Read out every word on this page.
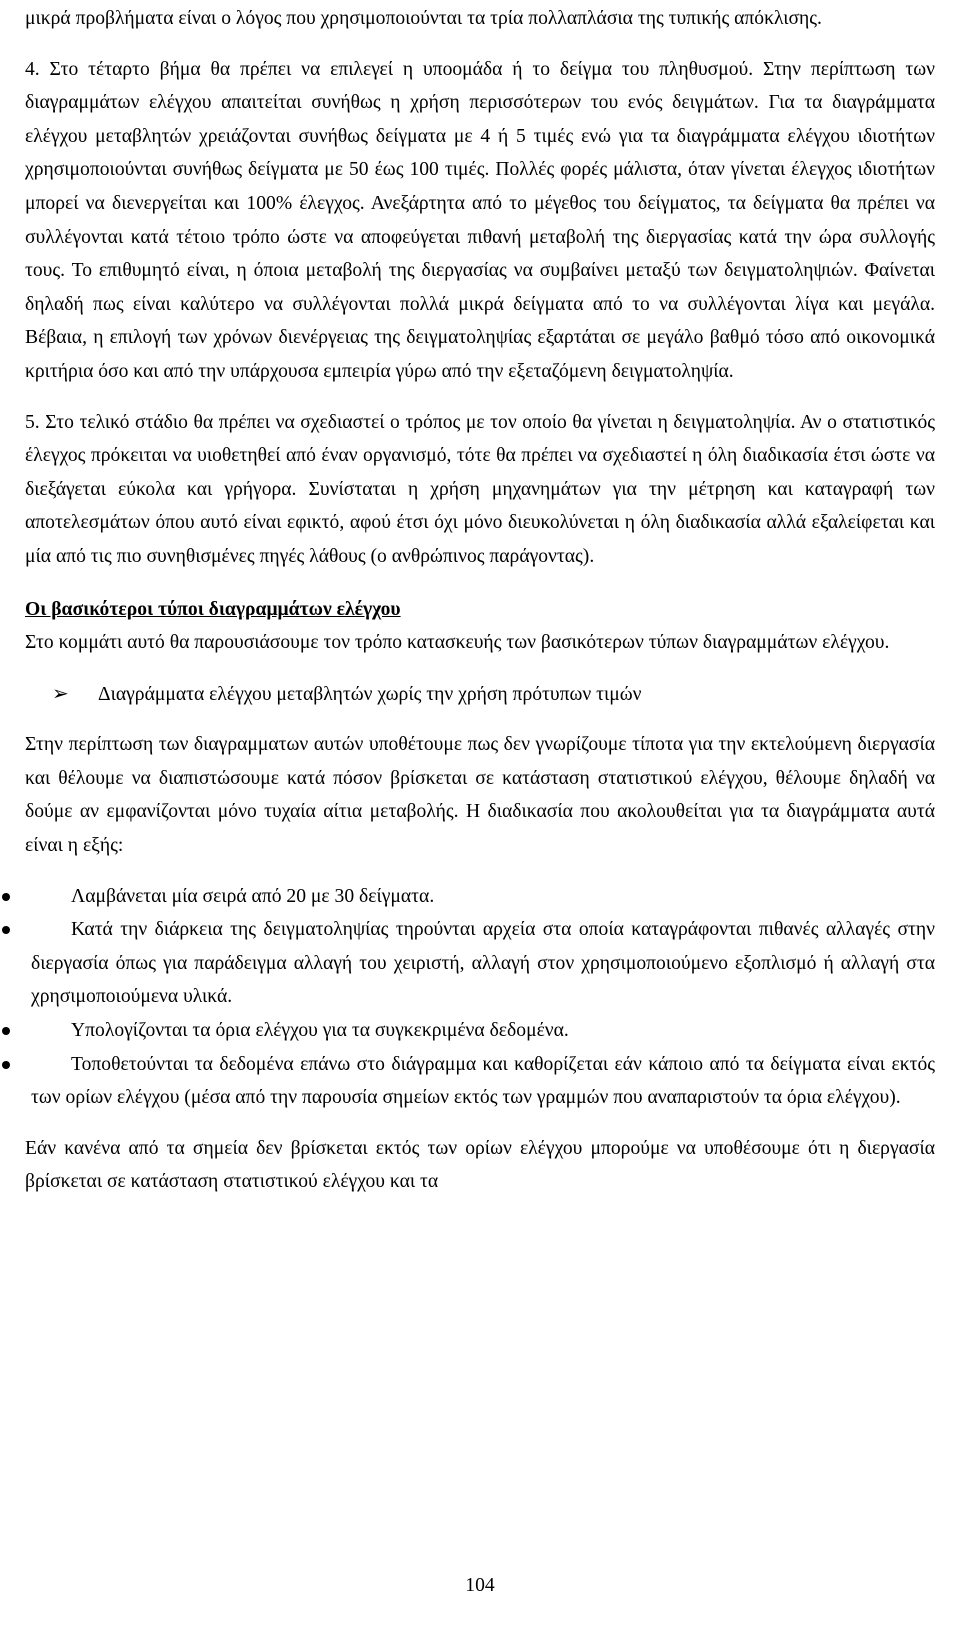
μικρά προβλήματα είναι ο λόγος που χρησιμοποιούνται τα τρία πολλαπλάσια της τυπικής απόκλισης.

4. Στο τέταρτο βήμα θα πρέπει να επιλεγεί η υποομάδα ή το δείγμα του πληθυσμού. Στην περίπτωση των διαγραμμάτων ελέγχου απαιτείται συνήθως η χρήση περισσότερων του ενός δειγμάτων. Για τα διαγράμματα ελέγχου μεταβλητών χρειάζονται συνήθως δείγματα με 4 ή 5 τιμές ενώ για τα διαγράμματα ελέγχου ιδιοτήτων χρησιμοποιούνται συνήθως δείγματα με 50 έως 100 τιμές. Πολλές φορές μάλιστα, όταν γίνεται έλεγχος ιδιοτήτων μπορεί να διενεργείται και 100% έλεγχος. Ανεξάρτητα από το μέγεθος του δείγματος, τα δείγματα θα πρέπει να συλλέγονται κατά τέτοιο τρόπο ώστε να αποφεύγεται πιθανή μεταβολή της διεργασίας κατά την ώρα συλλογής τους. Το επιθυμητό είναι, η όποια μεταβολή της διεργασίας να συμβαίνει μεταξύ των δειγματοληψιών. Φαίνεται δηλαδή πως είναι καλύτερο να συλλέγονται πολλά μικρά δείγματα από το να συλλέγονται λίγα και μεγάλα. Βέβαια, η επιλογή των χρόνων διενέργειας της δειγματοληψίας εξαρτάται σε μεγάλο βαθμό τόσο από οικονομικά κριτήρια όσο και από την υπάρχουσα εμπειρία γύρω από την εξεταζόμενη δειγματοληψία.

5. Στο τελικό στάδιο θα πρέπει να σχεδιαστεί ο τρόπος με τον οποίο θα γίνεται η δειγματοληψία. Αν ο στατιστικός έλεγχος πρόκειται να υιοθετηθεί από έναν οργανισμό, τότε θα πρέπει να σχεδιαστεί η όλη διαδικασία έτσι ώστε να διεξάγεται εύκολα και γρήγορα. Συνίσταται η χρήση μηχανημάτων για την μέτρηση και καταγραφή των αποτελεσμάτων όπου αυτό είναι εφικτό, αφού έτσι όχι μόνο διευκολύνεται η όλη διαδικασία αλλά εξαλείφεται και μία από τις πιο συνηθισμένες πηγές λάθους (ο ανθρώπινος παράγοντας).

Οι βασικότεροι τύποι διαγραμμάτων ελέγχου

Στο κομμάτι αυτό θα παρουσιάσουμε τον τρόπο κατασκευής των βασικότερων τύπων διαγραμμάτων ελέγχου.

➢ Διαγράμματα ελέγχου μεταβλητών χωρίς την χρήση πρότυπων τιμών

Στην περίπτωση των διαγραμματων αυτών υποθέτουμε πως δεν γνωρίζουμε τίποτα για την εκτελούμενη διεργασία και θέλουμε να διαπιστώσουμε κατά πόσον βρίσκεται σε κατάσταση στατιστικού ελέγχου, θέλουμε δηλαδή να δούμε αν εμφανίζονται μόνο τυχαία αίτια μεταβολής. Η διαδικασία που ακολουθείται για τα διαγράμματα αυτά είναι η εξής:

Λαμβάνεται μία σειρά από 20 με 30 δείγματα.
Κατά την διάρκεια της δειγματοληψίας τηρούνται αρχεία στα οποία καταγράφονται πιθανές αλλαγές στην διεργασία όπως για παράδειγμα αλλαγή του χειριστή, αλλαγή στον χρησιμοποιούμενο εξοπλισμό ή αλλαγή στα χρησιμοποιούμενα υλικά.
Υπολογίζονται τα όρια ελέγχου για τα συγκεκριμένα δεδομένα.
Τοποθετούνται τα δεδομένα επάνω στο διάγραμμα και καθορίζεται εάν κάποιο από τα δείγματα είναι εκτός των ορίων ελέγχου (μέσα από την παρουσία σημείων εκτός των γραμμών που αναπαριστούν τα όρια ελέγχου).

Εάν κανένα από τα σημεία δεν βρίσκεται εκτός των ορίων ελέγχου μπορούμε να υποθέσουμε ότι η διεργασία βρίσκεται σε κατάσταση στατιστικού ελέγχου και τα

104
